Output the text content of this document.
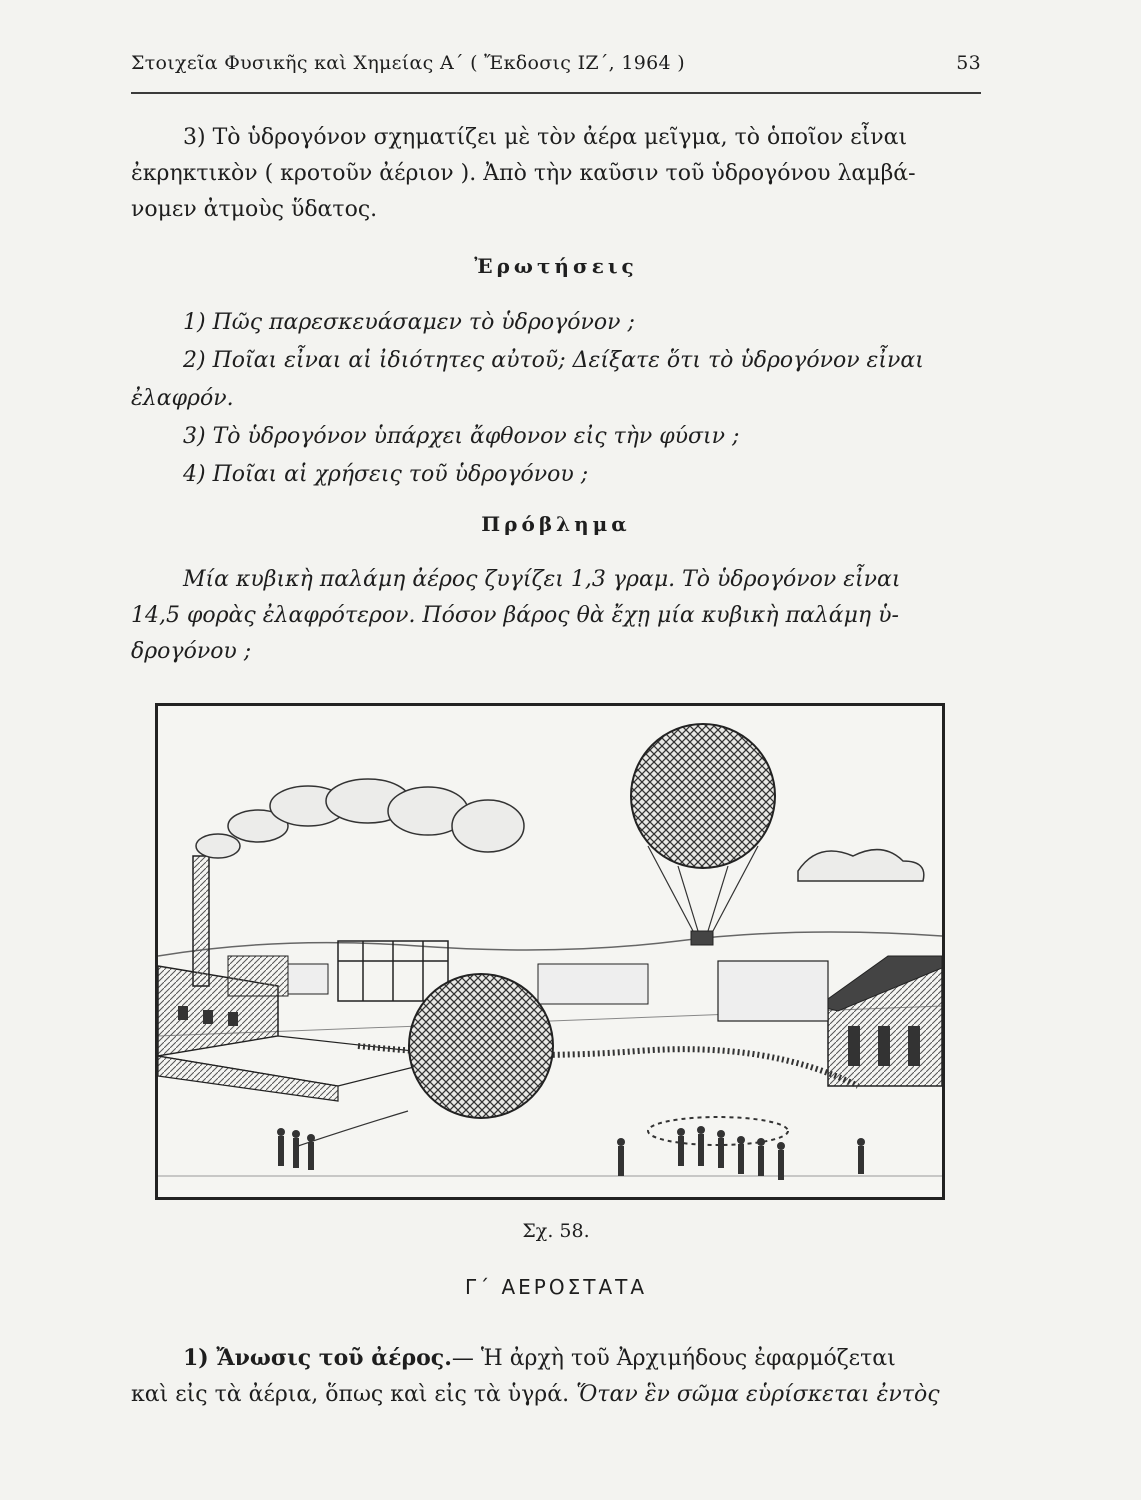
Στοιχεῖα Φυσικῆς καὶ Χημείας Α΄ ( Ἔκδοσις ΙΖ΄, 1964 )	53
3) Τὸ ὑδρογόνον σχηματίζει μὲ τὸν ἀέρα μεῖγμα, τὸ ὁποῖον εἶναι
ἐκρηκτικὸν ( κροτοῦν ἀέριον ). Ἀπὸ τὴν καῦσιν τοῦ ὑδρογόνου λαμβά-
νομεν ἀτμοὺς ὕδατος.
Ἐρωτήσεις
1) Πῶς παρεσκευάσαμεν τὸ ὑδρογόνον ;
2) Ποῖαι εἶναι αἱ ἰδιότητες αὐτοῦ; Δείξατε ὅτι τὸ ὑδρογόνον εἶναι
ἐλαφρόν.
3) Τὸ ὑδρογόνον ὑπάρχει ἄφθονον εἰς τὴν φύσιν ;
4) Ποῖαι αἱ χρήσεις τοῦ ὑδρογόνου ;
Πρόβλημα
Μία κυβικὴ παλάμη ἀέρος ζυγίζει 1,3 γραμ. Τὸ ὑδρογόνον εἶναι
14,5 φορὰς ἐλαφρότερον. Πόσον βάρος θὰ ἔχῃ μία κυβικὴ παλάμη ὑ-
δρογόνου ;
Σχ. 58.
Γ΄ ΑΕΡΟΣΤΑΤΑ
1) Ἄνωσις τοῦ ἀέρος.— Ἡ ἀρχὴ τοῦ Ἀρχιμήδους ἐφαρμόζεται
καὶ εἰς τὰ ἀέρια, ὅπως καὶ εἰς τὰ ὑγρά. Ὅταν ἓν σῶμα εὑρίσκεται ἐντὸς
